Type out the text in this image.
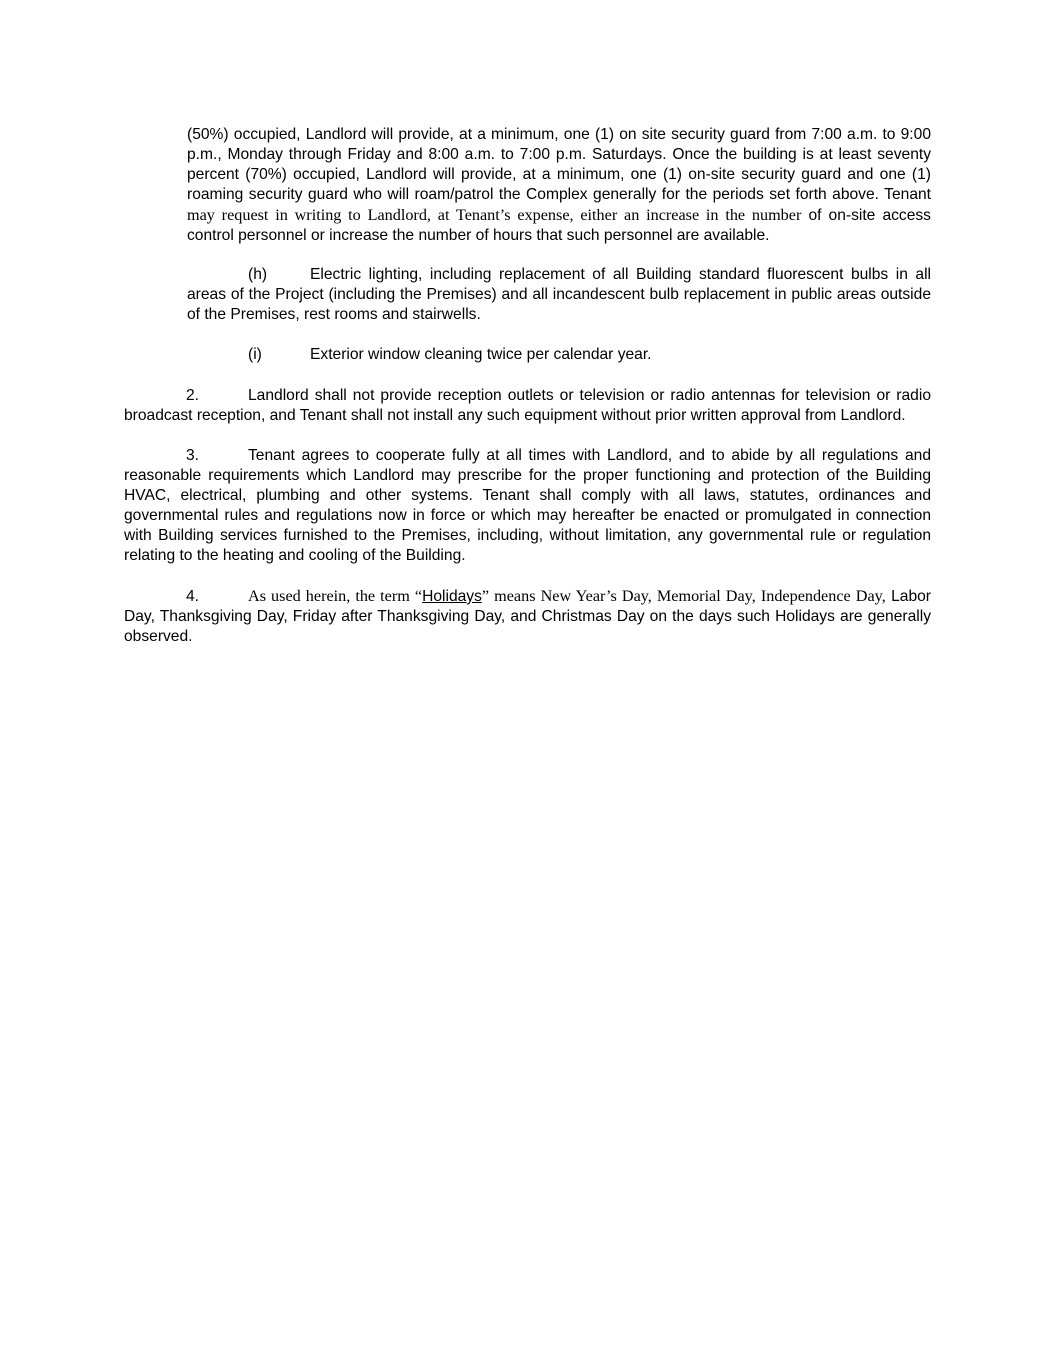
(50%) occupied, Landlord will provide, at a minimum, one (1) on site security guard from 7:00 a.m. to 9:00 p.m., Monday through Friday and 8:00 a.m. to 7:00 p.m. Saturdays. Once the building is at least seventy percent (70%) occupied, Landlord will provide, at a minimum, one (1) on-site security guard and one (1) roaming security guard who will roam/patrol the Complex generally for the periods set forth above. Tenant may request in writing to Landlord, at Tenant’s expense, either an increase in the number of on-site access control personnel or increase the number of hours that such personnel are available.

(h)	Electric lighting, including replacement of all Building standard fluorescent bulbs in all areas of the Project (including the Premises) and all incandescent bulb replacement in public areas outside of the Premises, rest rooms and stairwells.

(i)	Exterior window cleaning twice per calendar year.

2.	Landlord shall not provide reception outlets or television or radio antennas for television or radio broadcast reception, and Tenant shall not install any such equipment without prior written approval from Landlord.

3.	Tenant agrees to cooperate fully at all times with Landlord, and to abide by all regulations and reasonable requirements which Landlord may prescribe for the proper functioning and protection of the Building HVAC, electrical, plumbing and other systems. Tenant shall comply with all laws, statutes, ordinances and governmental rules and regulations now in force or which may hereafter be enacted or promulgated in connection with Building services furnished to the Premises, including, without limitation, any governmental rule or regulation relating to the heating and cooling of the Building.

4.	As used herein, the term “Holidays” means New Year’s Day, Memorial Day, Independence Day, Labor Day, Thanksgiving Day, Friday after Thanksgiving Day, and Christmas Day on the days such Holidays are generally observed.
